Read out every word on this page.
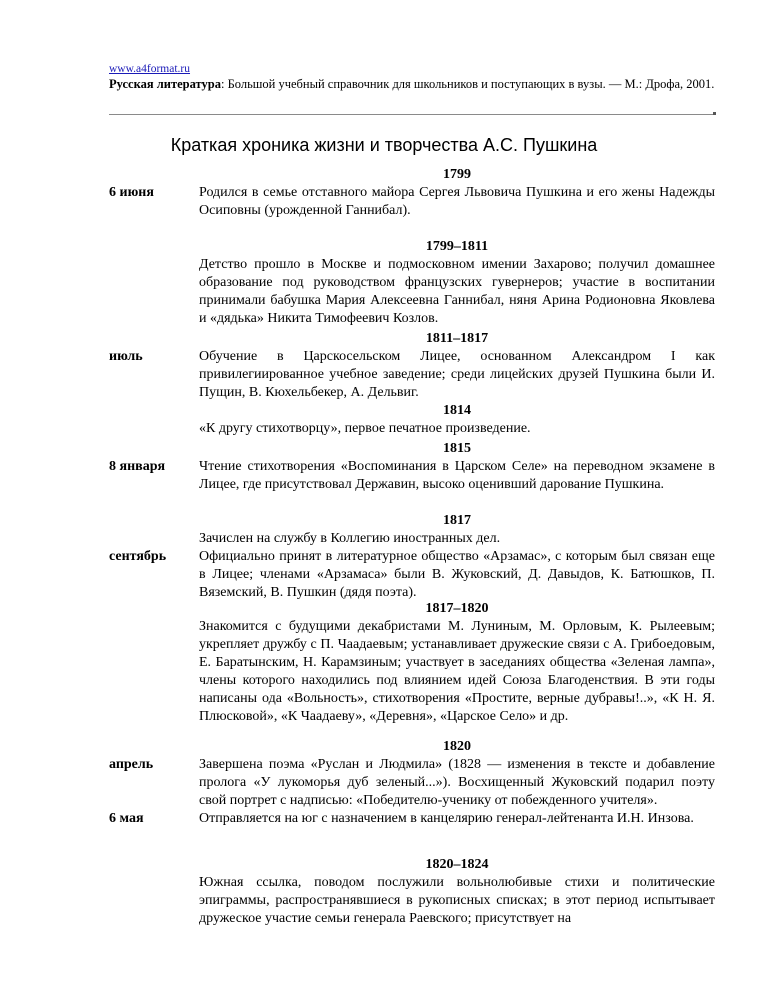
www.a4format.ru
Русская литература: Большой учебный справочник для школьников и поступающих в вузы. — М.: Дрофа, 2001.
Краткая хроника жизни и творчества А.С. Пушкина
1799
6 июня	Родился в семье отставного майора Сергея Львовича Пушкина и его жены Надежды Осиповны (урожденной Ганнибал).
1799–1811
Детство прошло в Москве и подмосковном имении Захарово; получил домашнее образование под руководством французских гувернеров; участие в воспитании принимали бабушка Мария Алексеевна Ганнибал, няня Арина Родионовна Яковлева и «дядька» Никита Тимофеевич Козлов.
1811–1817
июль	Обучение в Царскосельском Лицее, основанном Александром I как привилегиированное учебное заведение; среди лицейских друзей Пушкина были И. Пущин, В. Кюхельбекер, А. Дельвиг.
1814
«К другу стихотворцу», первое печатное произведение.
1815
8 января	Чтение стихотворения «Воспоминания в Царском Селе» на переводном экзамене в Лицее, где присутствовал Державин, высоко оценивший дарование Пушкина.
1817
Зачислен на службу в Коллегию иностранных дел.
сентябрь	Официально принят в литературное общество «Арзамас», с которым был связан еще в Лицее; членами «Арзамаса» были В. Жуковский, Д. Давыдов, К. Батюшков, П. Вяземский, В. Пушкин (дядя поэта).
1817–1820
Знакомится с будущими декабристами М. Луниным, М. Орловым, К. Рылеевым; укрепляет дружбу с П. Чаадаевым; устанавливает дружеские связи с А. Грибоедовым, Е. Баратынским, Н. Карамзиным; участвует в заседаниях общества «Зеленая лампа», члены которого находились под влиянием идей Союза Благоденствия. В эти годы написаны ода «Вольность», стихотворения «Простите, верные дубравы!..», «К Н. Я. Плюсковой», «К Чаадаеву», «Деревня», «Царское Село» и др.
1820
апрель	Завершена поэма «Руслан и Людмила» (1828 — изменения в тексте и добавление пролога «У лукоморья дуб зеленый...»). Восхищенный Жуковский подарил поэту свой портрет с надписью: «Победителю-ученику от побежденного учителя».
6 мая	Отправляется на юг с назначением в канцелярию генерал-лейтенанта И.Н. Инзова.
1820–1824
Южная ссылка, поводом послужили вольнолюбивые стихи и политические эпиграммы, распространявшиеся в рукописных списках; в этот период испытывает дружеское участие семьи генерала Раевского; присутствует на
